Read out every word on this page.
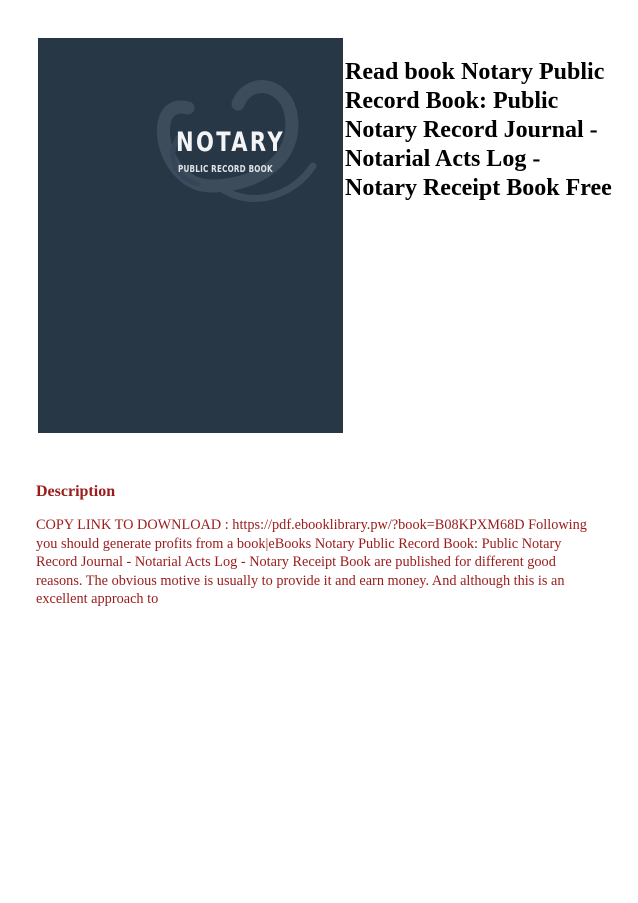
NOTARY
PUBLIC RECORD BOOK
Read book Notary Public Record Book: Public Notary Record Journal - Notarial Acts Log - Notary Receipt Book Free
Description

COPY LINK TO DOWNLOAD : https://pdf.ebooklibrary.pw/?book=B08KPXM68D Following you should generate profits from a book|eBooks Notary Public Record Book: Public Notary Record Journal - Notarial Acts Log - Notary Receipt Book are published for different good reasons. The obvious motive is usually to provide it and earn money. And although this is an excellent approach to
